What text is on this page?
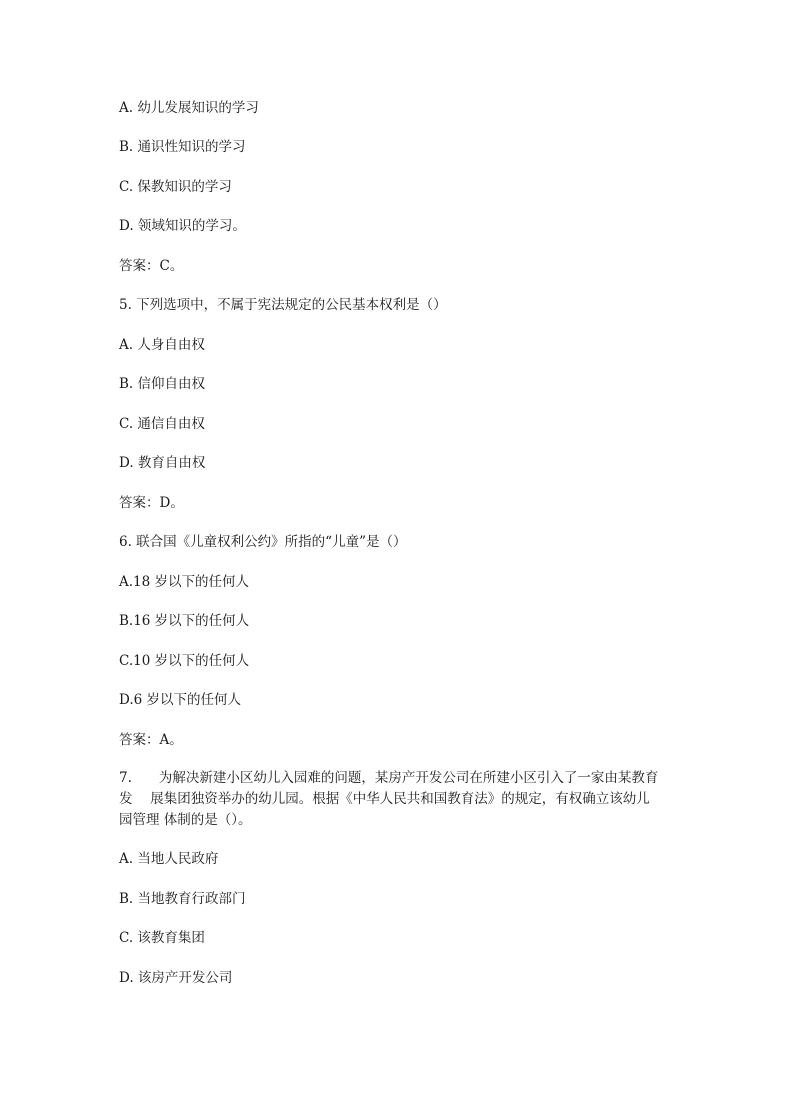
A. 幼儿发展知识的学习
B. 通识性知识的学习
C. 保教知识的学习
D. 领域知识的学习。
答案：C。
5. 下列选项中，不属于宪法规定的公民基本权利是（）
A. 人身自由权
B. 信仰自由权
C. 通信自由权
D. 教育自由权
答案：D。
6. 联合国《儿童权利公约》所指的“儿童”是（）
A.18 岁以下的任何人
B.16 岁以下的任何人
C.10 岁以下的任何人
D.6 岁以下的任何人
答案：A。
7.　　为解决新建小区幼儿入园难的问题，某房产开发公司在所建小区引入了一家由某教育
发　 展集团独资举办的幼儿园。根据《中华人民共和国教育法》的规定，有权确立该幼儿
园管理 体制的是（）。
A. 当地人民政府
B. 当地教育行政部门
C. 该教育集团
D. 该房产开发公司
